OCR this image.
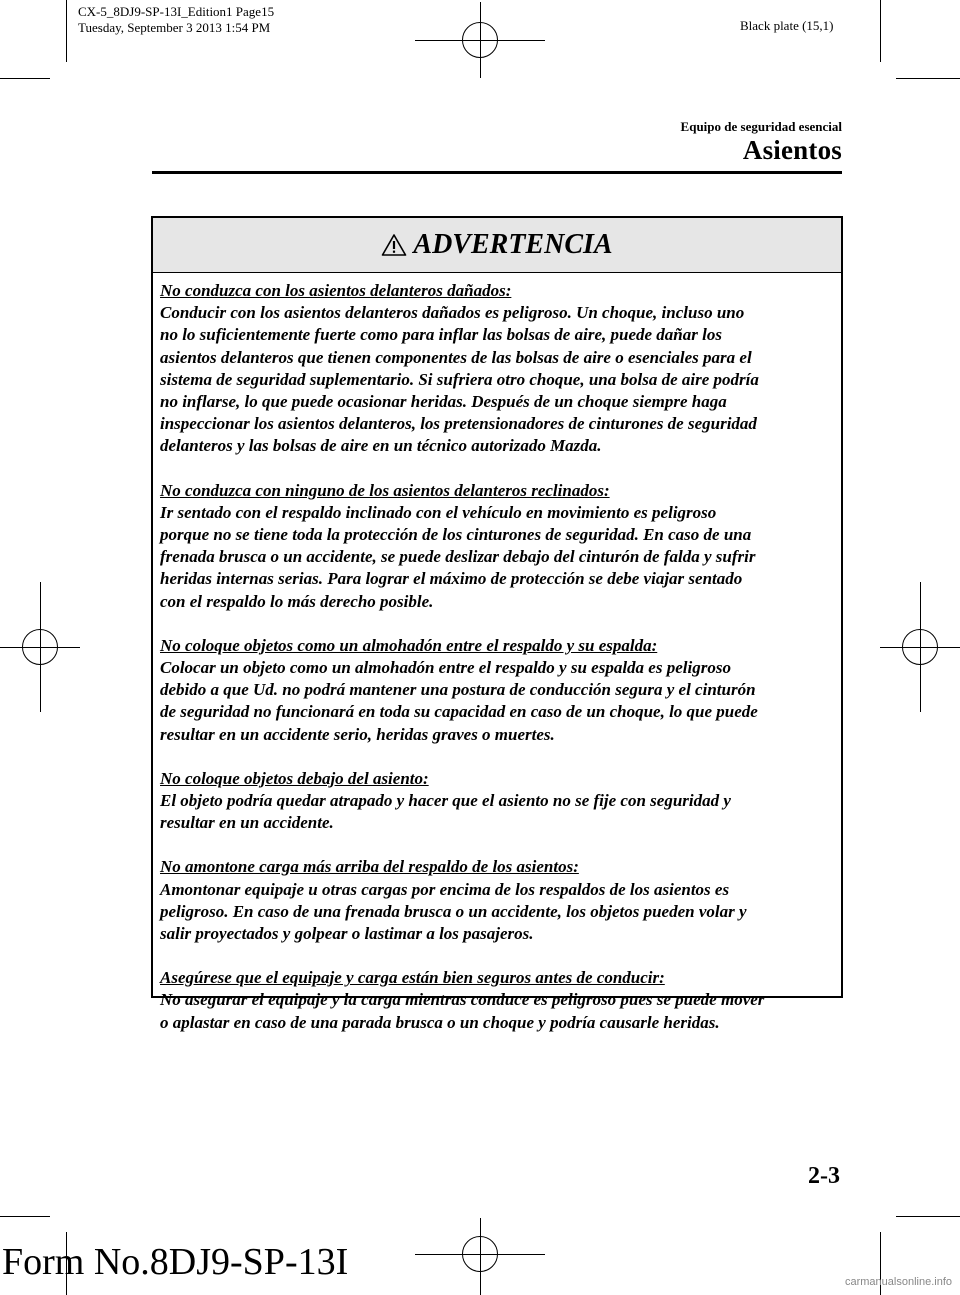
CX-5_8DJ9-SP-13I_Edition1 Page15
Tuesday, September 3 2013 1:54 PM	Black plate (15,1)
Equipo de seguridad esencial
Asientos
ADVERTENCIA
No conduzca con los asientos delanteros dañados:
Conducir con los asientos delanteros dañados es peligroso. Un choque, incluso uno
no lo suficientemente fuerte como para inflar las bolsas de aire, puede dañar los
asientos delanteros que tienen componentes de las bolsas de aire o esenciales para el
sistema de seguridad suplementario. Si sufriera otro choque, una bolsa de aire podría
no inflarse, lo que puede ocasionar heridas. Después de un choque siempre haga
inspeccionar los asientos delanteros, los pretensionadores de cinturones de seguridad
delanteros y las bolsas de aire en un técnico autorizado Mazda.
No conduzca con ninguno de los asientos delanteros reclinados:
Ir sentado con el respaldo inclinado con el vehículo en movimiento es peligroso
porque no se tiene toda la protección de los cinturones de seguridad. En caso de una
frenada brusca o un accidente, se puede deslizar debajo del cinturón de falda y sufrir
heridas internas serias. Para lograr el máximo de protección se debe viajar sentado
con el respaldo lo más derecho posible.
No coloque objetos como un almohadón entre el respaldo y su espalda:
Colocar un objeto como un almohadón entre el respaldo y su espalda es peligroso
debido a que Ud. no podrá mantener una postura de conducción segura y el cinturón
de seguridad no funcionará en toda su capacidad en caso de un choque, lo que puede
resultar en un accidente serio, heridas graves o muertes.
No coloque objetos debajo del asiento:
El objeto podría quedar atrapado y hacer que el asiento no se fije con seguridad y
resultar en un accidente.
No amontone carga más arriba del respaldo de los asientos:
Amontonar equipaje u otras cargas por encima de los respaldos de los asientos es
peligroso. En caso de una frenada brusca o un accidente, los objetos pueden volar y
salir proyectados y golpear o lastimar a los pasajeros.
Asegúrese que el equipaje y carga están bien seguros antes de conducir:
No asegurar el equipaje y la carga mientras conduce es peligroso pues se puede mover
o aplastar en caso de una parada brusca o un choque y podría causarle heridas.
2-3
Form No.8DJ9-SP-13I	carmanualsonline.info
